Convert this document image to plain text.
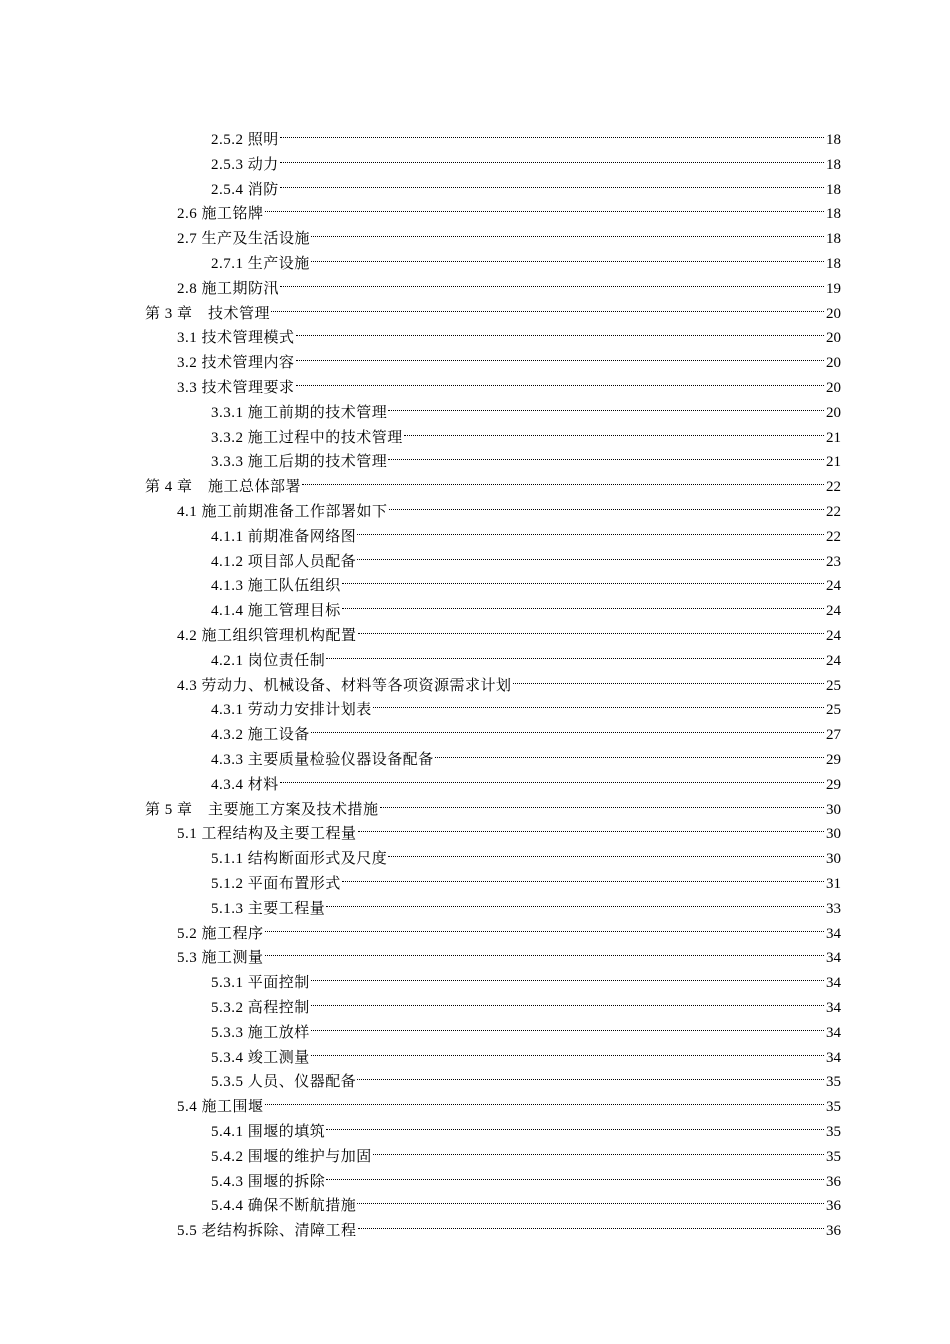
2.5.2 照明	18
2.5.3 动力	18
2.5.4 消防	18
2.6 施工铭牌	18
2.7 生产及生活设施	18
2.7.1 生产设施	18
2.8 施工期防汛	19
第 3 章　技术管理	20
3.1 技术管理模式	20
3.2 技术管理内容	20
3.3 技术管理要求	20
3.3.1 施工前期的技术管理	20
3.3.2 施工过程中的技术管理	21
3.3.3 施工后期的技术管理	21
第 4 章　施工总体部署	22
4.1 施工前期准备工作部署如下	22
4.1.1 前期准备网络图	22
4.1.2 项目部人员配备	23
4.1.3 施工队伍组织	24
4.1.4 施工管理目标	24
4.2 施工组织管理机构配置	24
4.2.1 岗位责任制	24
4.3 劳动力、机械设备、材料等各项资源需求计划	25
4.3.1 劳动力安排计划表	25
4.3.2 施工设备	27
4.3.3 主要质量检验仪器设备配备	29
4.3.4 材料	29
第 5 章　主要施工方案及技术措施	30
5.1 工程结构及主要工程量	30
5.1.1 结构断面形式及尺度	30
5.1.2 平面布置形式	31
5.1.3 主要工程量	33
5.2 施工程序	34
5.3 施工测量	34
5.3.1 平面控制	34
5.3.2 高程控制	34
5.3.3 施工放样	34
5.3.4 竣工测量	34
5.3.5 人员、仪器配备	35
5.4 施工围堰	35
5.4.1 围堰的填筑	35
5.4.2 围堰的维护与加固	35
5.4.3 围堰的拆除	36
5.4.4 确保不断航措施	36
5.5 老结构拆除、清障工程	36
